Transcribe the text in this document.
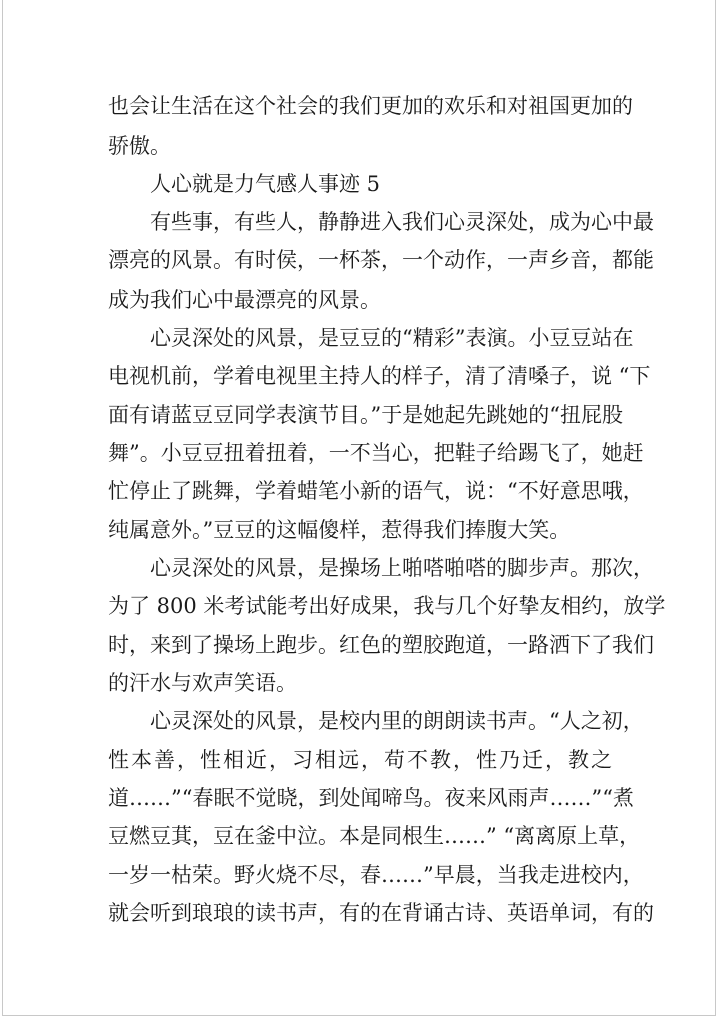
也会让生活在这个社会的我们更加的欢乐和对祖国更加的
骄傲。
人心就是力气感人事迹 5
有些事，有些人，静静进入我们心灵深处，成为心中最
漂亮的风景。有时侯，一杯茶，一个动作，一声乡音，都能
成为我们心中最漂亮的风景。
心灵深处的风景，是豆豆的“精彩”表演。小豆豆站在
电视机前，学着电视里主持人的样子，清了清嗓子，说 “下
面有请蓝豆豆同学表演节目。”于是她起先跳她的“扭屁股
舞”。小豆豆扭着扭着，一不当心，把鞋子给踢飞了，她赶
忙停止了跳舞，学着蜡笔小新的语气，说：“不好意思哦，
纯属意外。”豆豆的这幅傻样，惹得我们捧腹大笑。
心灵深处的风景，是操场上啪嗒啪嗒的脚步声。那次，
为了 800 米考试能考出好成果，我与几个好挚友相约，放学
时，来到了操场上跑步。红色的塑胶跑道，一路洒下了我们
的汗水与欢声笑语。
心灵深处的风景，是校内里的朗朗读书声。“人之初，
性本善，性相近，习相远，苟不教，性乃迁，教之
道……”“春眠不觉晓，到处闻啼鸟。夜来风雨声……”“煮
豆燃豆萁，豆在釜中泣。本是同根生……” “离离原上草，
一岁一枯荣。野火烧不尽，春……”早晨，当我走进校内，
就会听到琅琅的读书声，有的在背诵古诗、英语单词，有的
